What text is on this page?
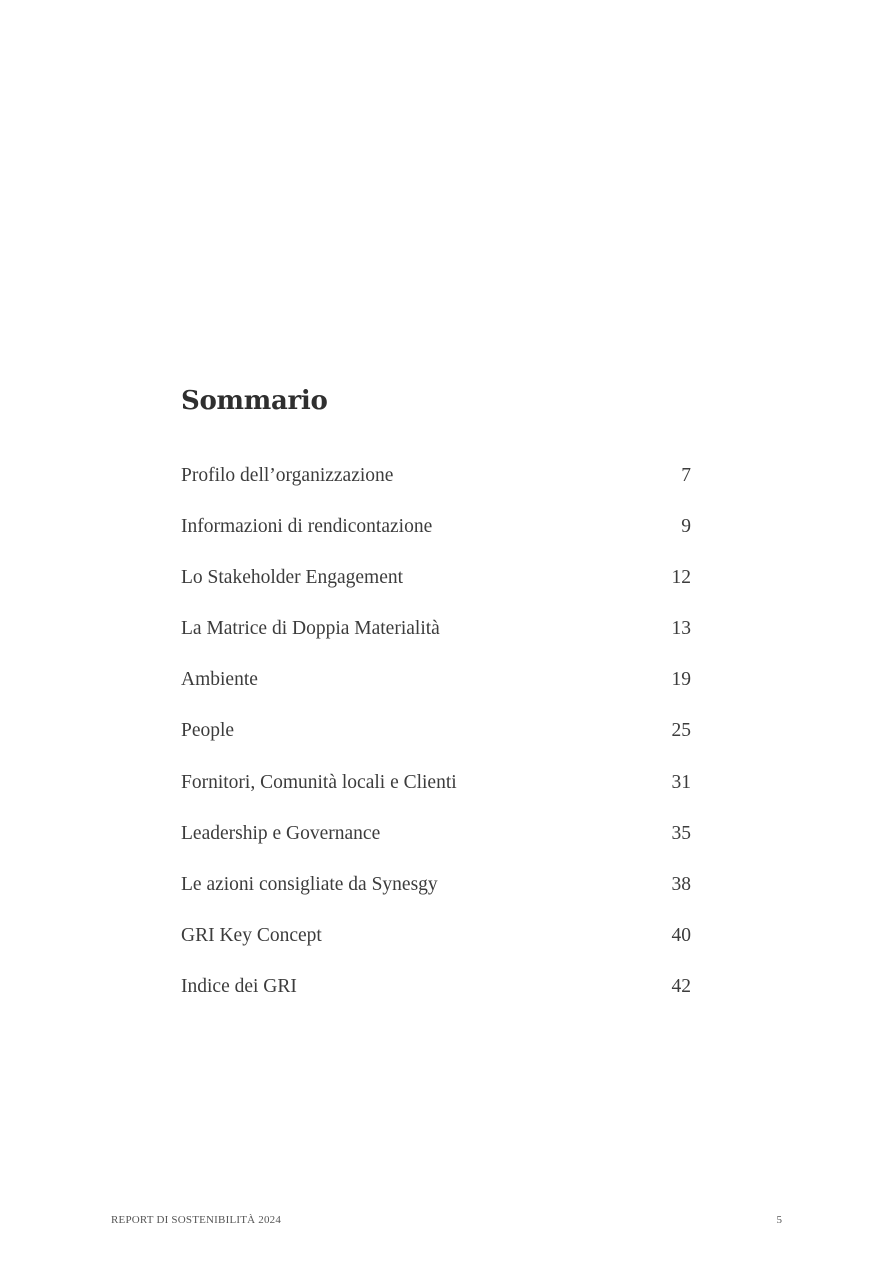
Sommario
Profilo dell’organizzazione	7
Informazioni di rendicontazione	9
Lo Stakeholder Engagement	12
La Matrice di Doppia Materialità	13
Ambiente	19
People	25
Fornitori, Comunità locali e Clienti	31
Leadership e Governance	35
Le azioni consigliate da Synesgy	38
GRI Key Concept	40
Indice dei GRI	42
REPORT DI SOSTENIBILITÀ 2024	5
